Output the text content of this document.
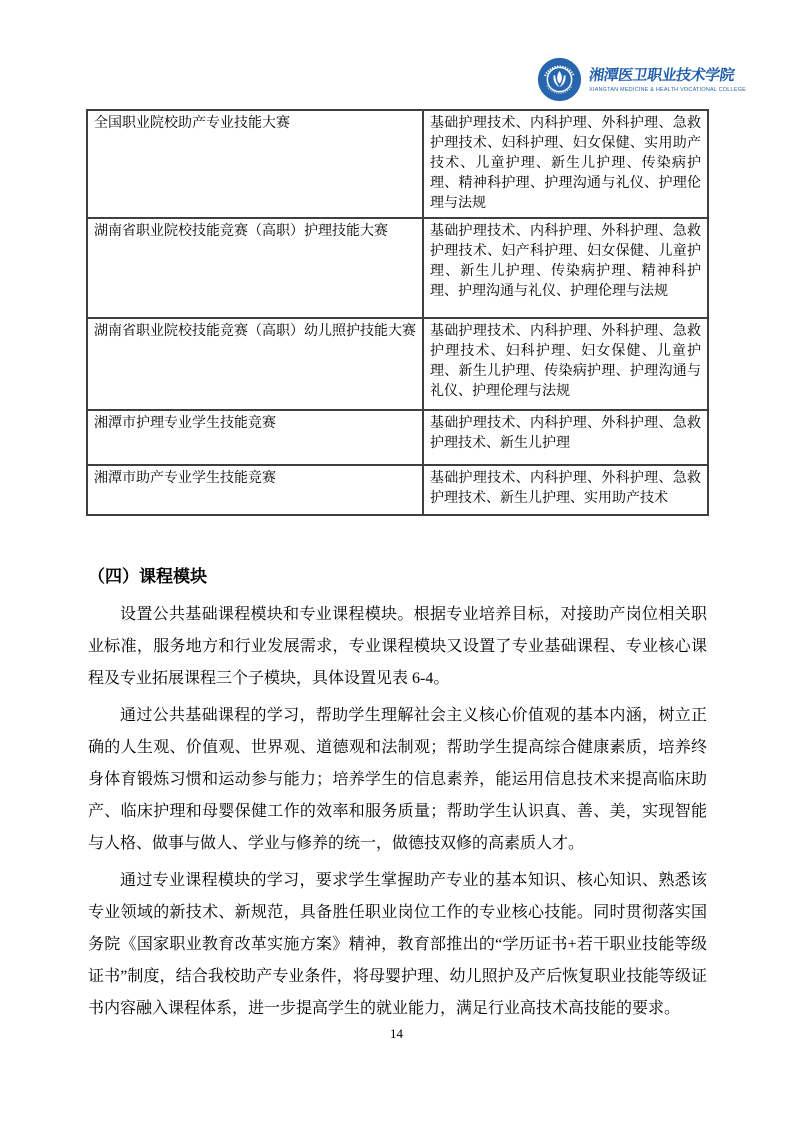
湘潭医卫职业技术学院
XIANGTAN MEDICINE & HEALTH VOCATIONAL COLLEGE
全国职业院校助产专业技能大赛	基础护理技术、内科护理、外科护理、急救护理技术、妇科护理、妇女保健、实用助产技术、儿童护理、新生儿护理、传染病护理、精神科护理、护理沟通与礼仪、护理伦理与法规
湖南省职业院校技能竞赛（高职）护理技能大赛	基础护理技术、内科护理、外科护理、急救护理技术、妇产科护理、妇女保健、儿童护理、新生儿护理、传染病护理、精神科护理、护理沟通与礼仪、护理伦理与法规
湖南省职业院校技能竞赛（高职）幼儿照护技能大赛	基础护理技术、内科护理、外科护理、急救护理技术、妇科护理、妇女保健、儿童护理、新生儿护理、传染病护理、护理沟通与礼仪、护理伦理与法规
湘潭市护理专业学生技能竞赛	基础护理技术、内科护理、外科护理、急救护理技术、新生儿护理
湘潭市助产专业学生技能竞赛	基础护理技术、内科护理、外科护理、急救护理技术、新生儿护理、实用助产技术
（四）课程模块

设置公共基础课程模块和专业课程模块。根据专业培养目标，对接助产岗位相关职业标准，服务地方和行业发展需求，专业课程模块又设置了专业基础课程、专业核心课程及专业拓展课程三个子模块，具体设置见表 6-4。

通过公共基础课程的学习，帮助学生理解社会主义核心价值观的基本内涵，树立正确的人生观、价值观、世界观、道德观和法制观；帮助学生提高综合健康素质，培养终身体育锻炼习惯和运动参与能力；培养学生的信息素养，能运用信息技术来提高临床助产、临床护理和母婴保健工作的效率和服务质量；帮助学生认识真、善、美，实现智能与人格、做事与做人、学业与修养的统一，做德技双修的高素质人才。

通过专业课程模块的学习，要求学生掌握助产专业的基本知识、核心知识、熟悉该专业领域的新技术、新规范，具备胜任职业岗位工作的专业核心技能。同时贯彻落实国务院《国家职业教育改革实施方案》精神，教育部推出的“学历证书+若干职业技能等级证书”制度，结合我校助产专业条件，将母婴护理、幼儿照护及产后恢复职业技能等级证书内容融入课程体系，进一步提高学生的就业能力，满足行业高技术高技能的要求。

14
